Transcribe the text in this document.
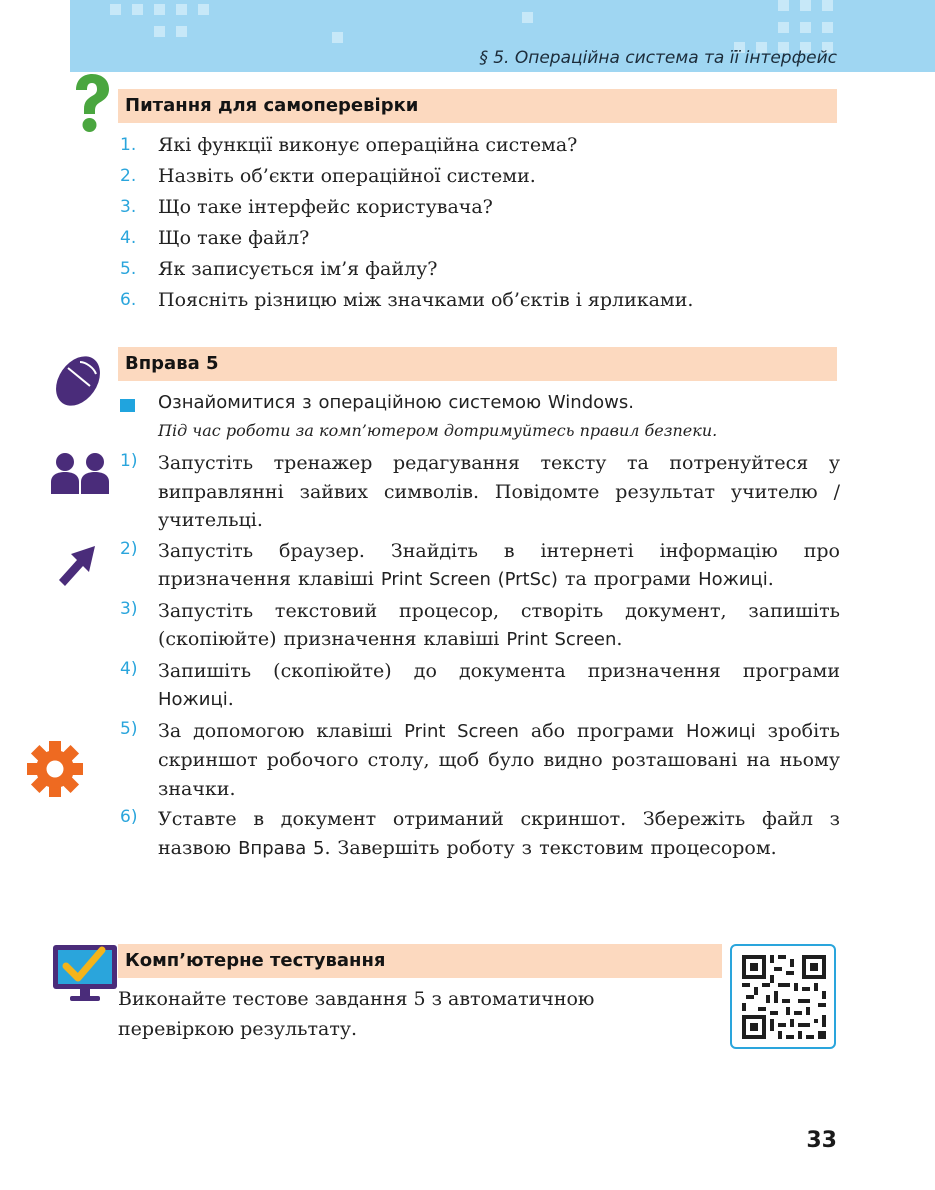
§ 5. Операційна система та її інтерфейс
Питання для самоперевірки
1. Які функції виконує операційна система?
2. Назвіть об’єкти операційної системи.
3. Що таке інтерфейс користувача?
4. Що таке файл?
5. Як записується ім’я файлу?
6. Поясніть різницю між значками об’єктів і ярликами.
Вправа 5
Ознайомитися з операційною системою Windows.
Під час роботи за комп’ютером дотримуйтесь правил безпеки.
1) Запустіть тренажер редагування тексту та потренуйтеся у виправлянні зайвих символів. Повідомте результат учителю / учительці.
2) Запустіть браузер. Знайдіть в інтернеті інформацію про призначення клавіші Print Screen (PrtSc) та програми Ножиці.
3) Запустіть текстовий процесор, створіть документ, запишіть (скопіюйте) призначення клавіші Print Screen.
4) Запишіть (скопіюйте) до документа призначення програми Ножиці.
5) За допомогою клавіші Print Screen або програми Ножиці зробіть скриншот робочого столу, щоб було видно розташовані на ньому значки.
6) Уставте в документ отриманий скриншот. Збережіть файл з назвою Вправа 5. Завершіть роботу з текстовим процесором.
Комп’ютерне тестування
Виконайте тестове завдання 5 з автоматичною перевіркою результату.
33
